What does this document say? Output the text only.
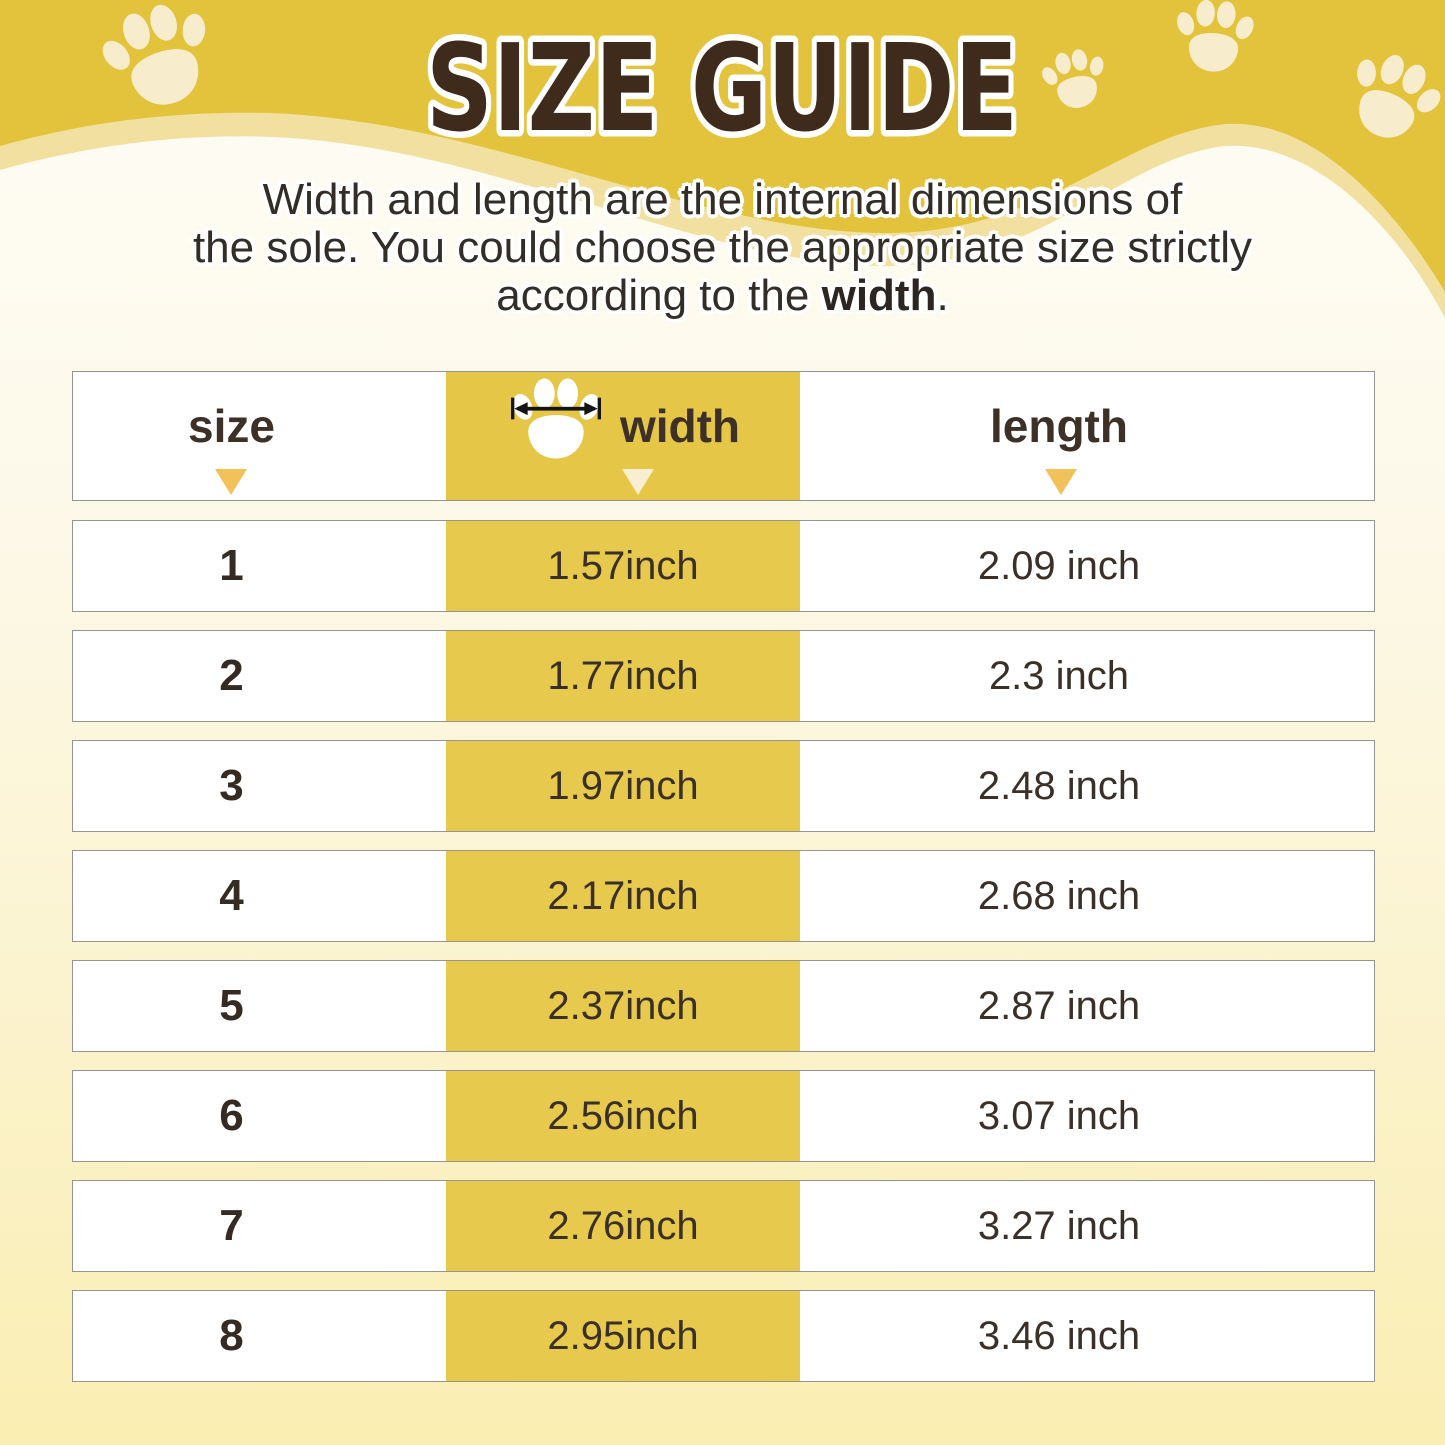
SIZE GUIDE
Width and length are the internal dimensions of
the sole. You could choose the appropriate size strictly
according to the width.
size	width	length
1	1.57inch	2.09 inch
2	1.77inch	2.3 inch
3	1.97inch	2.48 inch
4	2.17inch	2.68 inch
5	2.37inch	2.87 inch
6	2.56inch	3.07 inch
7	2.76inch	3.27 inch
8	2.95inch	3.46 inch
